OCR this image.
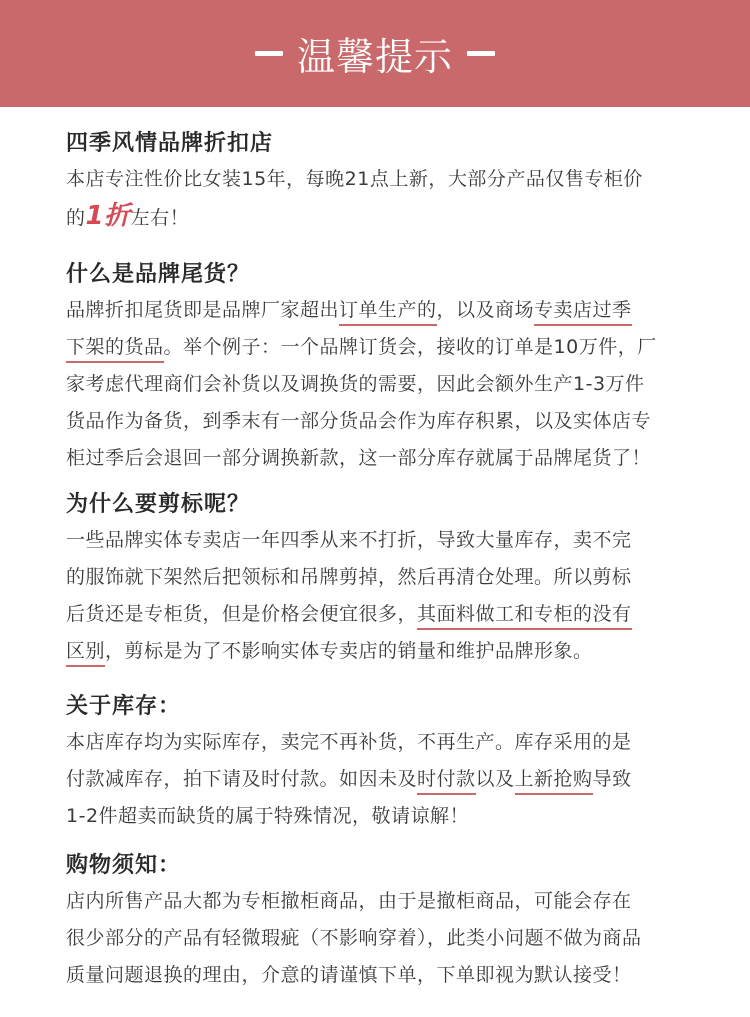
温馨提示
四季风情品牌折扣店
本店专注性价比女装15年，每晚21点上新，大部分产品仅售专柜价
的1折左右！
什么是品牌尾货？
品牌折扣尾货即是品牌厂家超出订单生产的，以及商场专卖店过季
下架的货品。举个例子：一个品牌订货会，接收的订单是10万件，厂
家考虑代理商们会补货以及调换货的需要，因此会额外生产1-3万件
货品作为备货，到季末有一部分货品会作为库存积累，以及实体店专
柜过季后会退回一部分调换新款，这一部分库存就属于品牌尾货了！
为什么要剪标呢？
一些品牌实体专卖店一年四季从来不打折，导致大量库存，卖不完
的服饰就下架然后把领标和吊牌剪掉，然后再清仓处理。所以剪标
后货还是专柜货，但是价格会便宜很多，其面料做工和专柜的没有
区别，剪标是为了不影响实体专卖店的销量和维护品牌形象。
关于库存：
本店库存均为实际库存，卖完不再补货，不再生产。库存采用的是
付款减库存，拍下请及时付款。如因未及时付款以及上新抢购导致
1-2件超卖而缺货的属于特殊情况，敬请谅解！
购物须知：
店内所售产品大都为专柜撤柜商品，由于是撤柜商品，可能会存在
很少部分的产品有轻微瑕疵（不影响穿着），此类小问题不做为商品
质量问题退换的理由，介意的请谨慎下单，下单即视为默认接受！
